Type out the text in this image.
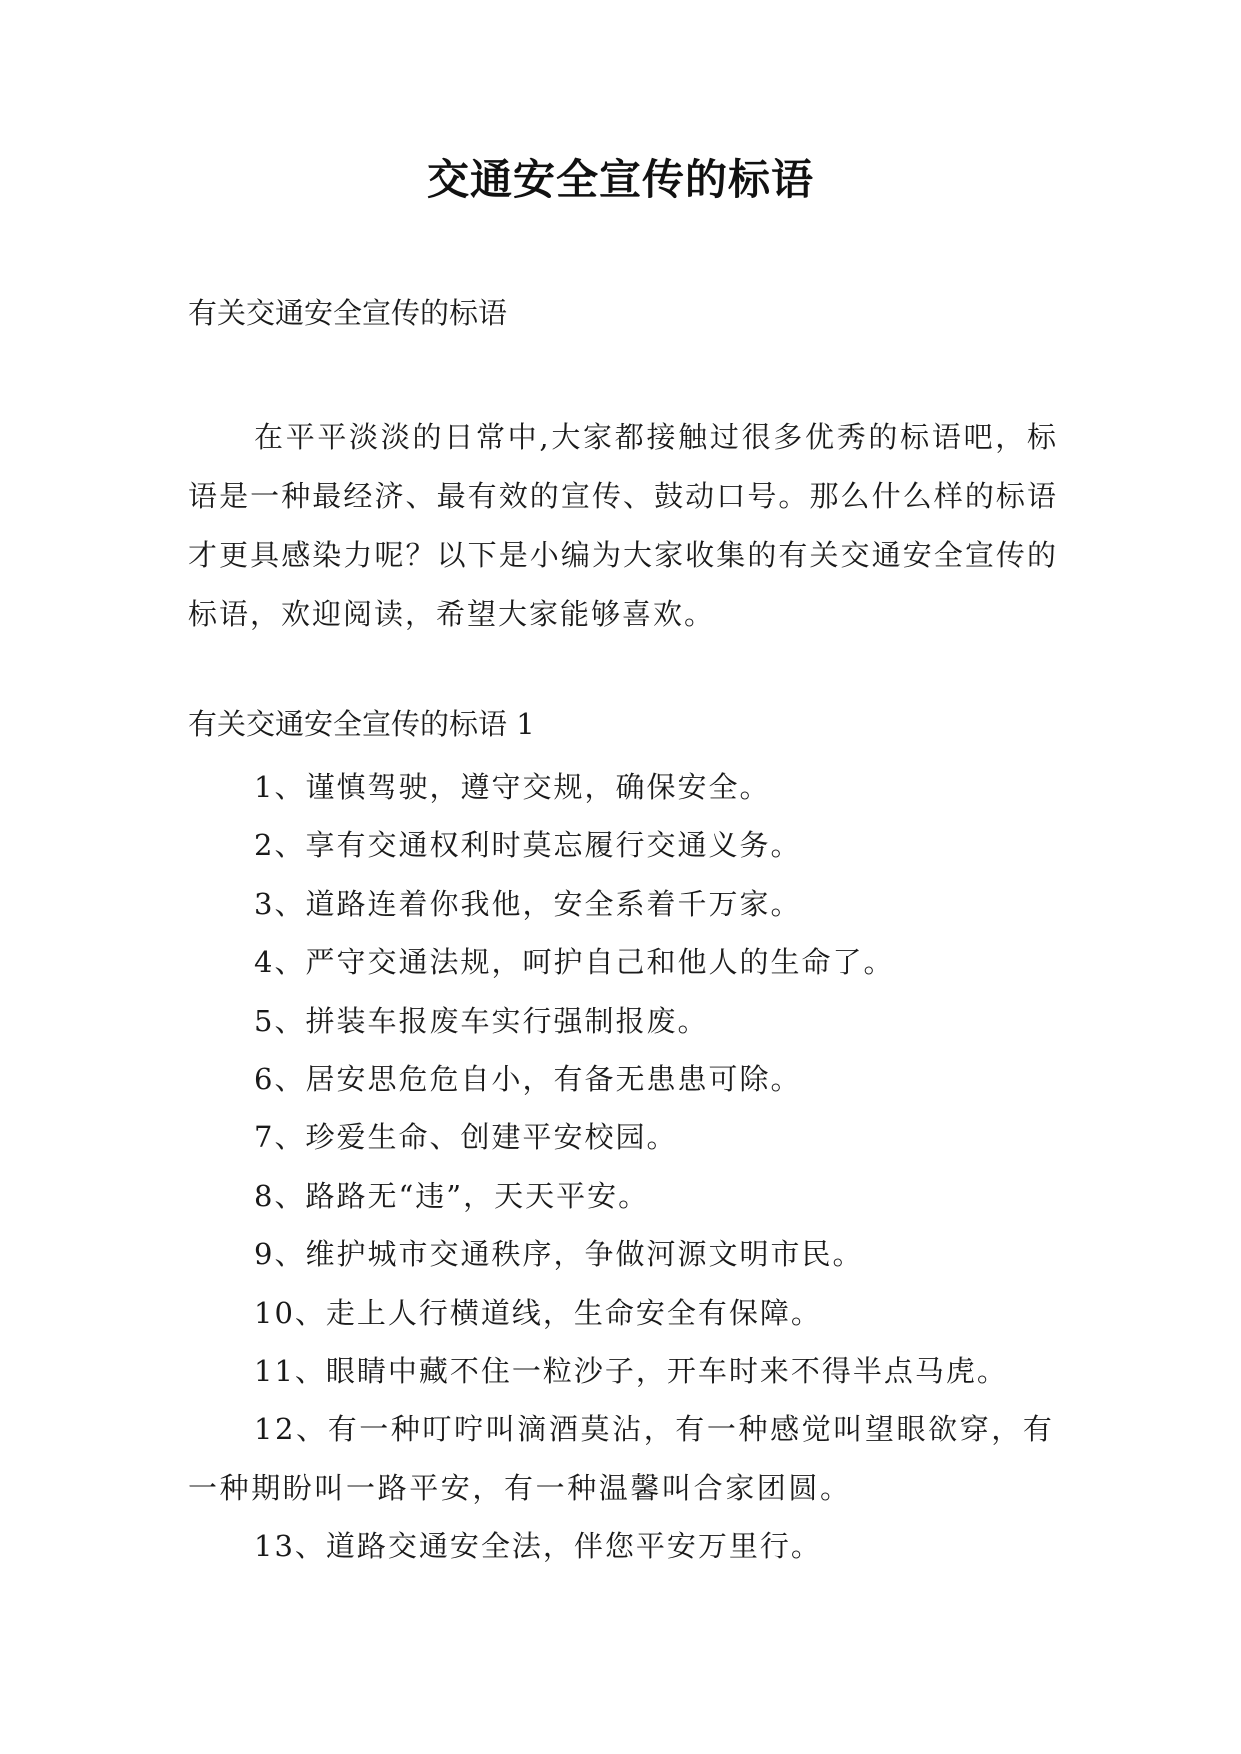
交通安全宣传的标语
有关交通安全宣传的标语
在平平淡淡的日常中,大家都接触过很多优秀的标语吧，标语是一种最经济、最有效的宣传、鼓动口号。那么什么样的标语才更具感染力呢？以下是小编为大家收集的有关交通安全宣传的标语，欢迎阅读，希望大家能够喜欢。
有关交通安全宣传的标语 1
1、谨慎驾驶，遵守交规，确保安全。
2、享有交通权利时莫忘履行交通义务。
3、道路连着你我他，安全系着千万家。
4、严守交通法规，呵护自己和他人的生命了。
5、拼装车报废车实行强制报废。
6、居安思危危自小，有备无患患可除。
7、珍爱生命、创建平安校园。
8、路路无“违”，天天平安。
9、维护城市交通秩序，争做河源文明市民。
10、走上人行横道线，生命安全有保障。
11、眼睛中藏不住一粒沙子，开车时来不得半点马虎。
12、有一种叮咛叫滴酒莫沾，有一种感觉叫望眼欲穿，有一种期盼叫一路平安，有一种温馨叫合家团圆。
13、道路交通安全法，伴您平安万里行。
